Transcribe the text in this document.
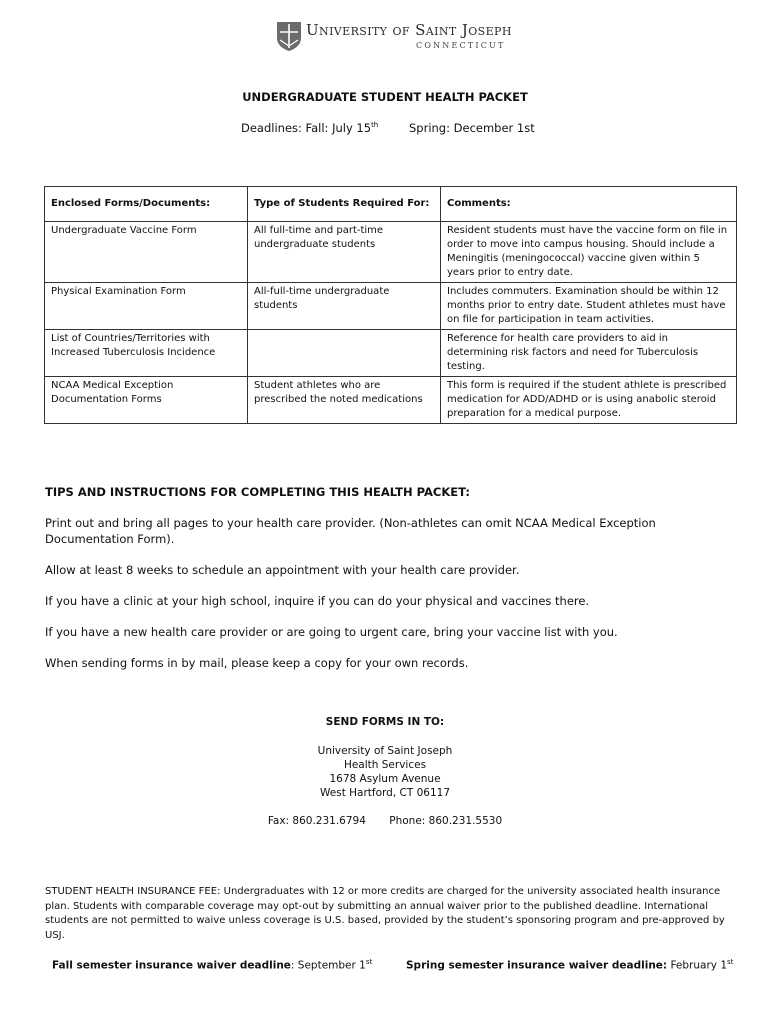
University of Saint Joseph
CONNECTICUT
UNDERGRADUATE STUDENT HEALTH PACKET
Deadlines: Fall: July 15th	Spring: December 1st
Enclosed Forms/Documents:	Type of Students Required For:	Comments:
Undergraduate Vaccine Form	All full-time and part-time undergraduate students	Resident students must have the vaccine form on file in order to move into campus housing. Should include a Meningitis (meningococcal) vaccine given within 5 years prior to entry date.
Physical Examination Form	All-full-time undergraduate students	Includes commuters. Examination should be within 12 months prior to entry date. Student athletes must have on file for participation in team activities.
List of Countries/Territories with Increased Tuberculosis Incidence		Reference for health care providers to aid in determining risk factors and need for Tuberculosis testing.
NCAA Medical Exception Documentation Forms	Student athletes who are prescribed the noted medications	This form is required if the student athlete is prescribed medication for ADD/ADHD or is using anabolic steroid preparation for a medical purpose.
TIPS AND INSTRUCTIONS FOR COMPLETING THIS HEALTH PACKET:
Print out and bring all pages to your health care provider. (Non-athletes can omit NCAA Medical Exception Documentation Form).
Allow at least 8 weeks to schedule an appointment with your health care provider.
If you have a clinic at your high school, inquire if you can do your physical and vaccines there.
If you have a new health care provider or are going to urgent care, bring your vaccine list with you.
When sending forms in by mail, please keep a copy for your own records.
SEND FORMS IN TO:
University of Saint Joseph
Health Services
1678 Asylum Avenue
West Hartford, CT 06117
Fax: 860.231.6794 Phone: 860.231.5530
STUDENT HEALTH INSURANCE FEE: Undergraduates with 12 or more credits are charged for the university associated health insurance plan. Students with comparable coverage may opt-out by submitting an annual waiver prior to the published deadline. International students are not permitted to waive unless coverage is U.S. based, provided by the student’s sponsoring program and pre-approved by USJ.
Fall semester insurance waiver deadline: September 1st	Spring semester insurance waiver deadline: February 1st
